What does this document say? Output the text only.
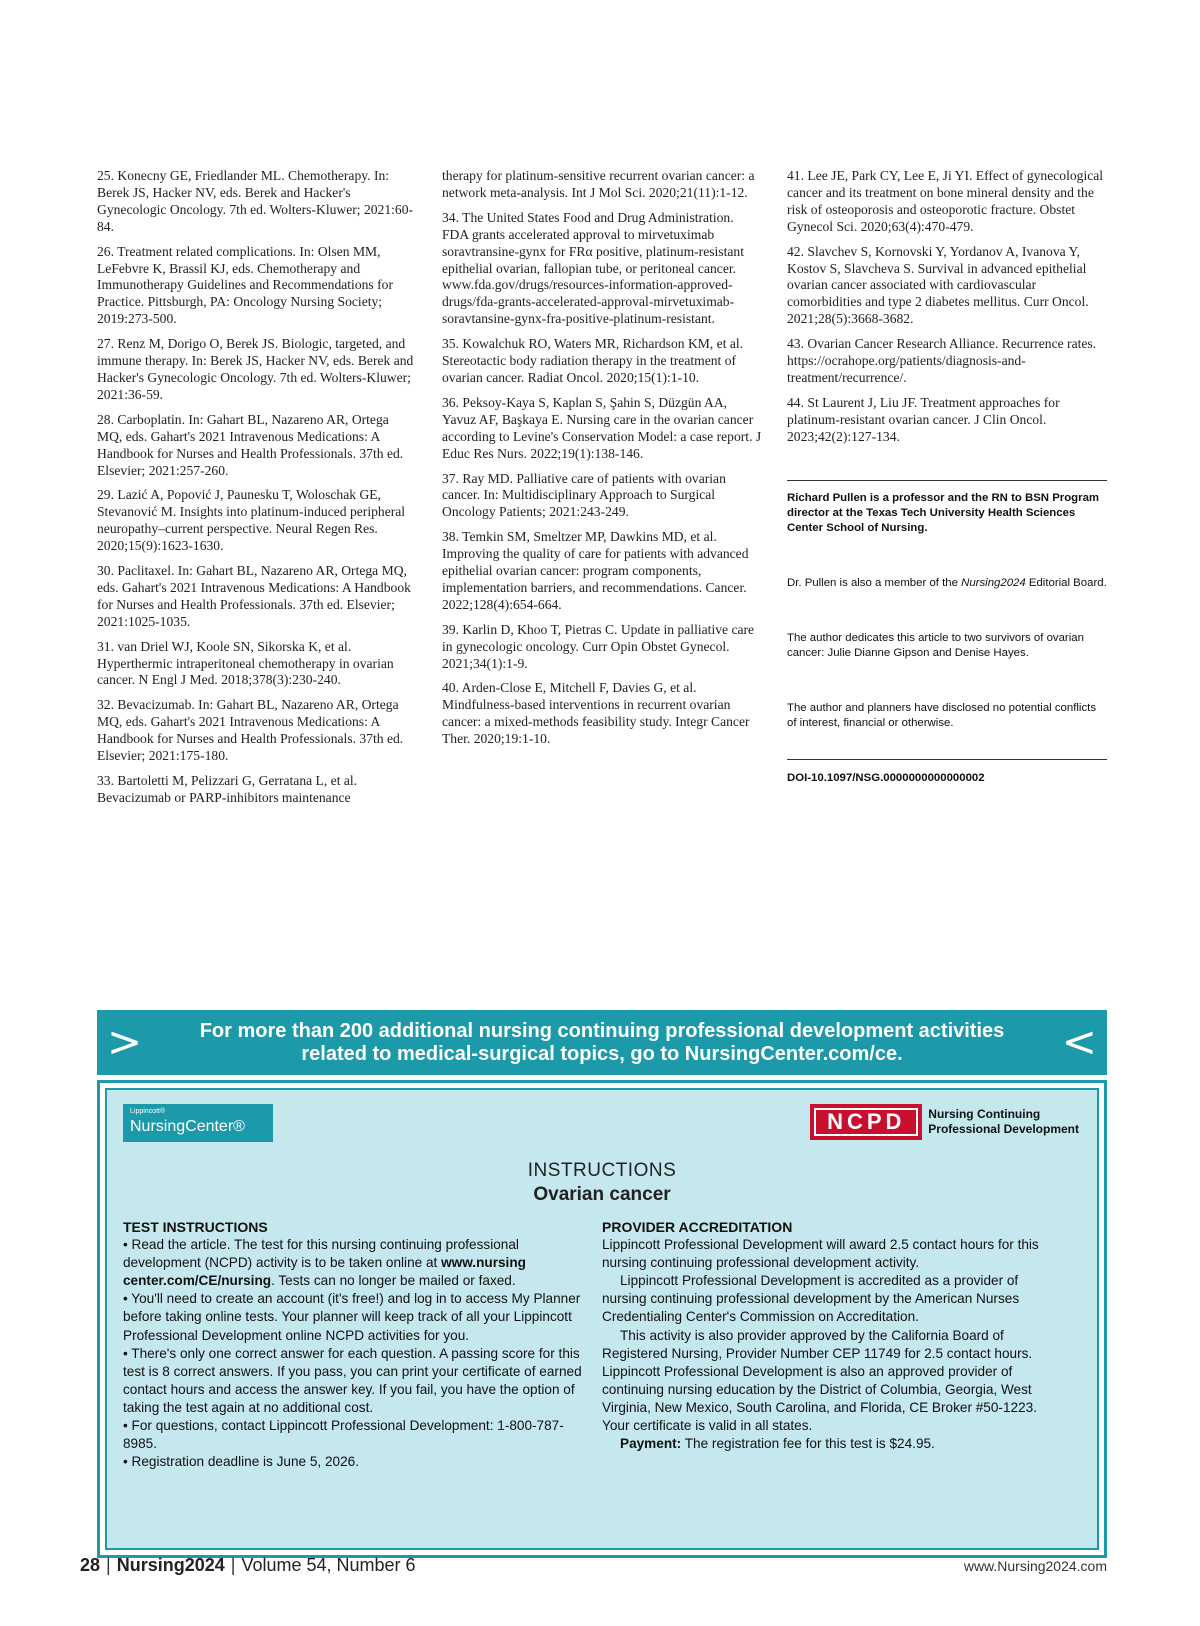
25. Konecny GE, Friedlander ML. Chemotherapy. In: Berek JS, Hacker NV, eds. Berek and Hacker's Gynecologic Oncology. 7th ed. Wolters-Kluwer; 2021:60-84.

26. Treatment related complications. In: Olsen MM, LeFebvre K, Brassil KJ, eds. Chemotherapy and Immunotherapy Guidelines and Recommendations for Practice. Pittsburgh, PA: Oncology Nursing Society; 2019:273-500.

27. Renz M, Dorigo O, Berek JS. Biologic, targeted, and immune therapy. In: Berek JS, Hacker NV, eds. Berek and Hacker's Gynecologic Oncology. 7th ed. Wolters-Kluwer; 2021:36-59.

28. Carboplatin. In: Gahart BL, Nazareno AR, Ortega MQ, eds. Gahart's 2021 Intravenous Medications: A Handbook for Nurses and Health Professionals. 37th ed. Elsevier; 2021:257-260.

29. Lazić A, Popović J, Paunesku T, Woloschak GE, Stevanović M. Insights into platinum-induced peripheral neuropathy–current perspective. Neural Regen Res. 2020;15(9):1623-1630.

30. Paclitaxel. In: Gahart BL, Nazareno AR, Ortega MQ, eds. Gahart's 2021 Intravenous Medications: A Handbook for Nurses and Health Professionals. 37th ed. Elsevier; 2021:1025-1035.

31. van Driel WJ, Koole SN, Sikorska K, et al. Hyperthermic intraperitoneal chemotherapy in ovarian cancer. N Engl J Med. 2018;378(3):230-240.

32. Bevacizumab. In: Gahart BL, Nazareno AR, Ortega MQ, eds. Gahart's 2021 Intravenous Medications: A Handbook for Nurses and Health Professionals. 37th ed. Elsevier; 2021:175-180.

33. Bartoletti M, Pelizzari G, Gerratana L, et al. Bevacizumab or PARP-inhibitors maintenance

therapy for platinum-sensitive recurrent ovarian cancer: a network meta-analysis. Int J Mol Sci. 2020;21(11):1-12.

34. The United States Food and Drug Administration. FDA grants accelerated approval to mirvetuximab soravtransine-gynx for FRα positive, platinum-resistant epithelial ovarian, fallopian tube, or peritoneal cancer. www.fda.gov/drugs/resources-information-approved-drugs/fda-grants-accelerated-approval-mirvetuximab-soravtansine-gynx-fra-positive-platinum-resistant.

35. Kowalchuk RO, Waters MR, Richardson KM, et al. Stereotactic body radiation therapy in the treatment of ovarian cancer. Radiat Oncol. 2020;15(1):1-10.

36. Peksoy-Kaya S, Kaplan S, Şahin S, Düzgün AA, Yavuz AF, Başkaya E. Nursing care in the ovarian cancer according to Levine's Conservation Model: a case report. J Educ Res Nurs. 2022;19(1):138-146.

37. Ray MD. Palliative care of patients with ovarian cancer. In: Multidisciplinary Approach to Surgical Oncology Patients; 2021:243-249.

38. Temkin SM, Smeltzer MP, Dawkins MD, et al. Improving the quality of care for patients with advanced epithelial ovarian cancer: program components, implementation barriers, and recommendations. Cancer. 2022;128(4):654-664.

39. Karlin D, Khoo T, Pietras C. Update in palliative care in gynecologic oncology. Curr Opin Obstet Gynecol. 2021;34(1):1-9.

40. Arden-Close E, Mitchell F, Davies G, et al. Mindfulness-based interventions in recurrent ovarian cancer: a mixed-methods feasibility study. Integr Cancer Ther. 2020;19:1-10.

41. Lee JE, Park CY, Lee E, Ji YI. Effect of gynecological cancer and its treatment on bone mineral density and the risk of osteoporosis and osteoporotic fracture. Obstet Gynecol Sci. 2020;63(4):470-479.

42. Slavchev S, Kornovski Y, Yordanov A, Ivanova Y, Kostov S, Slavcheva S. Survival in advanced epithelial ovarian cancer associated with cardiovascular comorbidities and type 2 diabetes mellitus. Curr Oncol. 2021;28(5):3668-3682.

43. Ovarian Cancer Research Alliance. Recurrence rates. https://ocrahope.org/patients/diagnosis-and-treatment/recurrence/.

44. St Laurent J, Liu JF. Treatment approaches for platinum-resistant ovarian cancer. J Clin Oncol. 2023;42(2):127-134.

Richard Pullen is a professor and the RN to BSN Program director at the Texas Tech University Health Sciences Center School of Nursing.
Dr. Pullen is also a member of the Nursing2024 Editorial Board.
The author dedicates this article to two survivors of ovarian cancer: Julie Dianne Gipson and Denise Hayes.
The author and planners have disclosed no potential conflicts of interest, financial or otherwise.
DOI-10.1097/NSG.0000000000000002
>	For more than 200 additional nursing continuing professional development activities
related to medical-surgical topics, go to NursingCenter.com/ce.	<
Lippincott®
NursingCenter®	NCPD	Nursing Continuing
Professional Development
INSTRUCTIONS
Ovarian cancer
TEST INSTRUCTIONS

• Read the article. The test for this nursing continuing professional development (NCPD) activity is to be taken online at www.nursing center.com/CE/nursing. Tests can no longer be mailed or faxed.

• You'll need to create an account (it's free!) and log in to access My Planner before taking online tests. Your planner will keep track of all your Lippincott Professional Development online NCPD activities for you.

• There's only one correct answer for each question. A passing score for this test is 8 correct answers. If you pass, you can print your certificate of earned contact hours and access the answer key. If you fail, you have the option of taking the test again at no additional cost.

• For questions, contact Lippincott Professional Development: 1-800-787-8985.

• Registration deadline is June 5, 2026.

PROVIDER ACCREDITATION

Lippincott Professional Development will award 2.5 contact hours for this nursing continuing professional development activity.

Lippincott Professional Development is accredited as a provider of nursing continuing professional development by the American Nurses Credentialing Center's Commission on Accreditation.

This activity is also provider approved by the California Board of Registered Nursing, Provider Number CEP 11749 for 2.5 contact hours. Lippincott Professional Development is also an approved provider of continuing nursing education by the District of Columbia, Georgia, West Virginia, New Mexico, South Carolina, and Florida, CE Broker #50-1223. Your certificate is valid in all states.

Payment: The registration fee for this test is $24.95.

28 | Nursing2024 | Volume 54, Number 6	www.Nursing2024.com
